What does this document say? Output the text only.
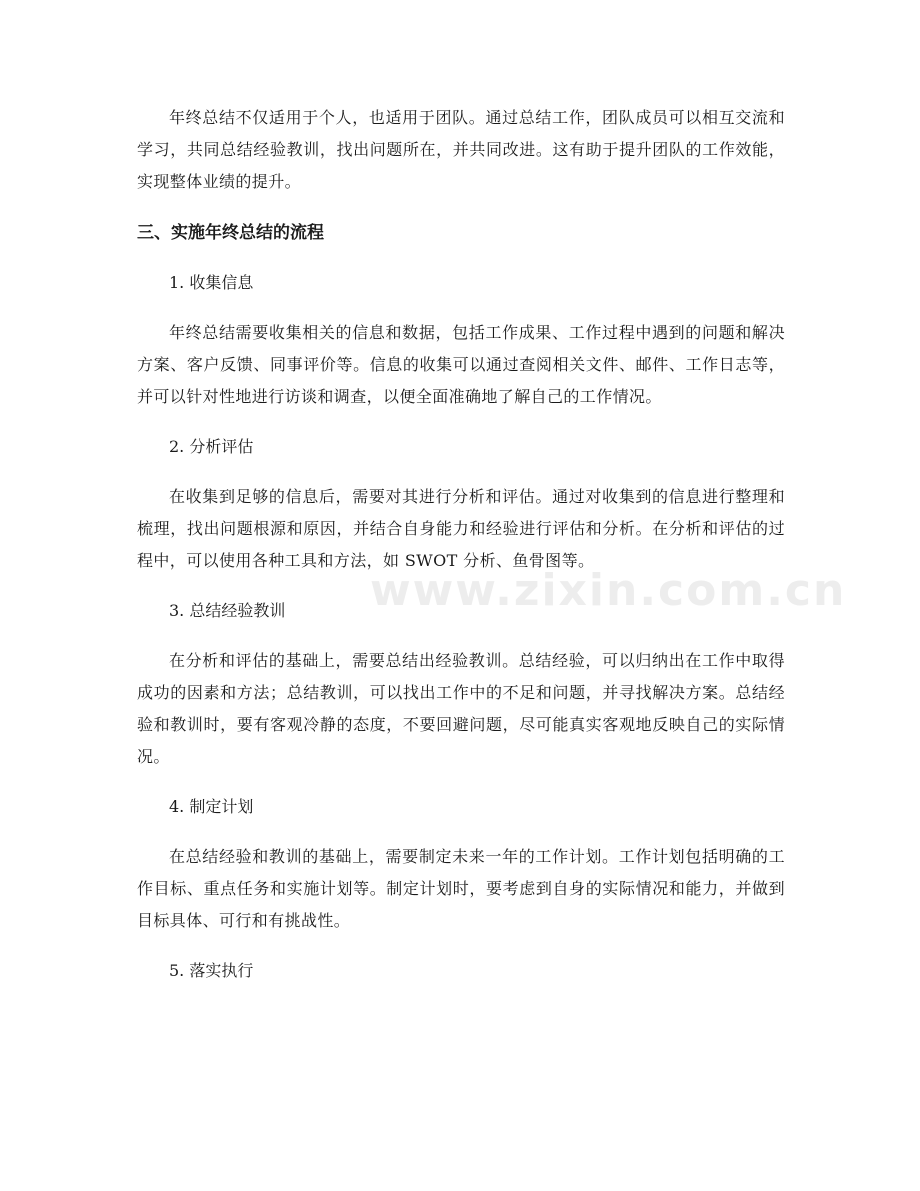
www.zixin.com.cn

年终总结不仅适用于个人，也适用于团队。通过总结工作，团队成员可以相互交流和学习，共同总结经验教训，找出问题所在，并共同改进。这有助于提升团队的工作效能，实现整体业绩的提升。

三、实施年终总结的流程

1. 收集信息

年终总结需要收集相关的信息和数据，包括工作成果、工作过程中遇到的问题和解决方案、客户反馈、同事评价等。信息的收集可以通过查阅相关文件、邮件、工作日志等，并可以针对性地进行访谈和调查，以便全面准确地了解自己的工作情况。

2. 分析评估

在收集到足够的信息后，需要对其进行分析和评估。通过对收集到的信息进行整理和梳理，找出问题根源和原因，并结合自身能力和经验进行评估和分析。在分析和评估的过程中，可以使用各种工具和方法，如 SWOT 分析、鱼骨图等。

3. 总结经验教训

在分析和评估的基础上，需要总结出经验教训。总结经验，可以归纳出在工作中取得成功的因素和方法；总结教训，可以找出工作中的不足和问题，并寻找解决方案。总结经验和教训时，要有客观冷静的态度，不要回避问题，尽可能真实客观地反映自己的实际情况。

4. 制定计划

在总结经验和教训的基础上，需要制定未来一年的工作计划。工作计划包括明确的工作目标、重点任务和实施计划等。制定计划时，要考虑到自身的实际情况和能力，并做到目标具体、可行和有挑战性。

5. 落实执行
